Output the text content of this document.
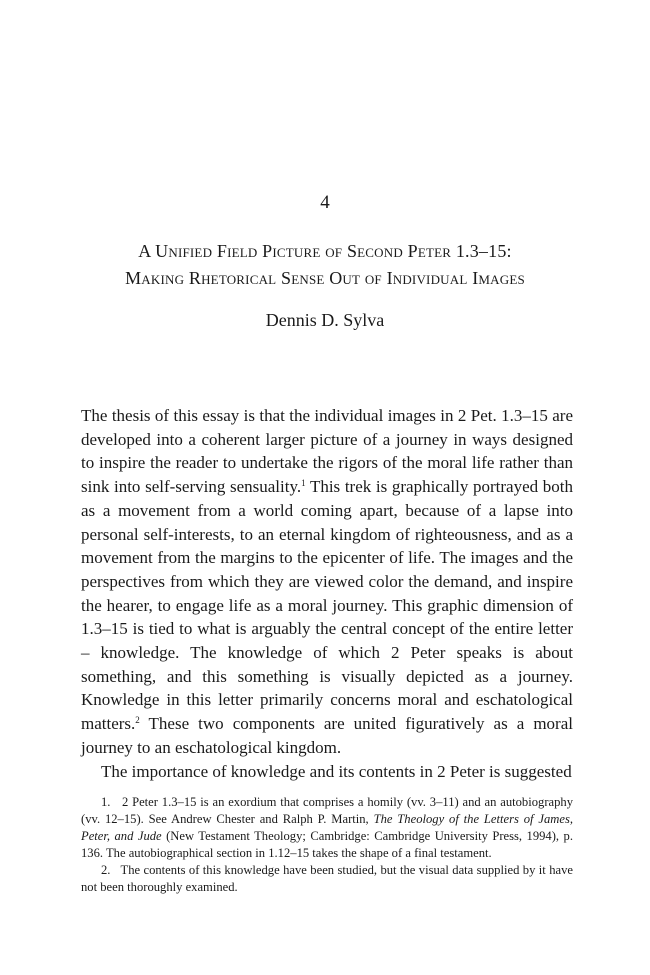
4
A Unified Field Picture of Second Peter 1.3–15:
Making Rhetorical Sense Out of Individual Images
Dennis D. Sylva

The thesis of this essay is that the individual images in 2 Pet. 1.3–15 are developed into a coherent larger picture of a journey in ways designed to inspire the reader to undertake the rigors of the moral life rather than sink into self-serving sensuality.$^1$ This trek is graphically portrayed both as a movement from a world coming apart, because of a lapse into personal self-interests, to an eternal kingdom of righteousness, and as a movement from the margins to the epicenter of life. The images and the perspectives from which they are viewed color the demand, and inspire the hearer, to engage life as a moral journey. This graphic dimension of 1.3–15 is tied to what is arguably the central concept of the entire letter – knowledge. The knowledge of which 2 Peter speaks is about something, and this something is visually depicted as a journey. Knowledge in this letter primarily concerns moral and eschatological matters.$^2$ These two components are united figuratively as a moral journey to an eschatological kingdom.

The importance of knowledge and its contents in 2 Peter is suggested

1. 2 Peter 1.3–15 is an exordium that comprises a homily (vv. 3–11) and an autobiography (vv. 12–15). See Andrew Chester and Ralph P. Martin, The Theology of the Letters of James, Peter, and Jude (New Testament Theology; Cambridge: Cambridge University Press, 1994), p. 136. The autobiographical section in 1.12–15 takes the shape of a final testament.

2. The contents of this knowledge have been studied, but the visual data supplied by it have not been thoroughly examined.
